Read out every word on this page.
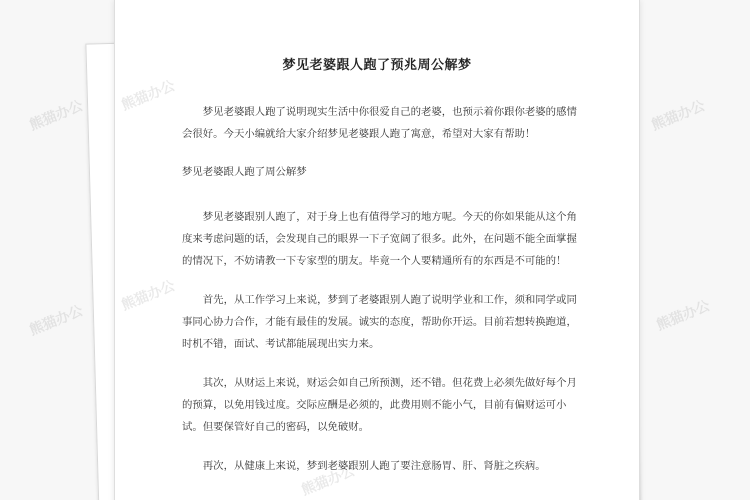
梦见老婆跟人跑了预兆周公解梦

梦见老婆跟人跑了说明现实生活中你很爱自己的老婆，也预示着你跟你老婆的感情会很好。今天小编就给大家介绍梦见老婆跟人跑了寓意，希望对大家有帮助！

梦见老婆跟人跑了周公解梦

梦见老婆跟别人跑了，对于身上也有值得学习的地方呢。今天的你如果能从这个角度来考虑问题的话，会发现自己的眼界一下子宽阔了很多。此外，在问题不能全面掌握的情况下，不妨请教一下专家型的朋友。毕竟一个人要精通所有的东西是不可能的！

首先，从工作学习上来说，梦到了老婆跟别人跑了说明学业和工作，须和同学或同事同心协力合作，才能有最佳的发展。诚实的态度，帮助你开运。目前若想转换跑道，时机不错，面试、考试都能展现出实力来。

其次，从财运上来说，财运会如自己所预测，还不错。但花费上必须先做好每个月的预算，以免用钱过度。交际应酬是必须的，此费用则不能小气，目前有偏财运可小试。但要保管好自己的密码，以免破财。

再次，从健康上来说，梦到老婆跟别人跑了要注意肠胃、肝、肾脏之疾病。

熊猫办公	熊猫办公
熊猫办公	熊猫办公
